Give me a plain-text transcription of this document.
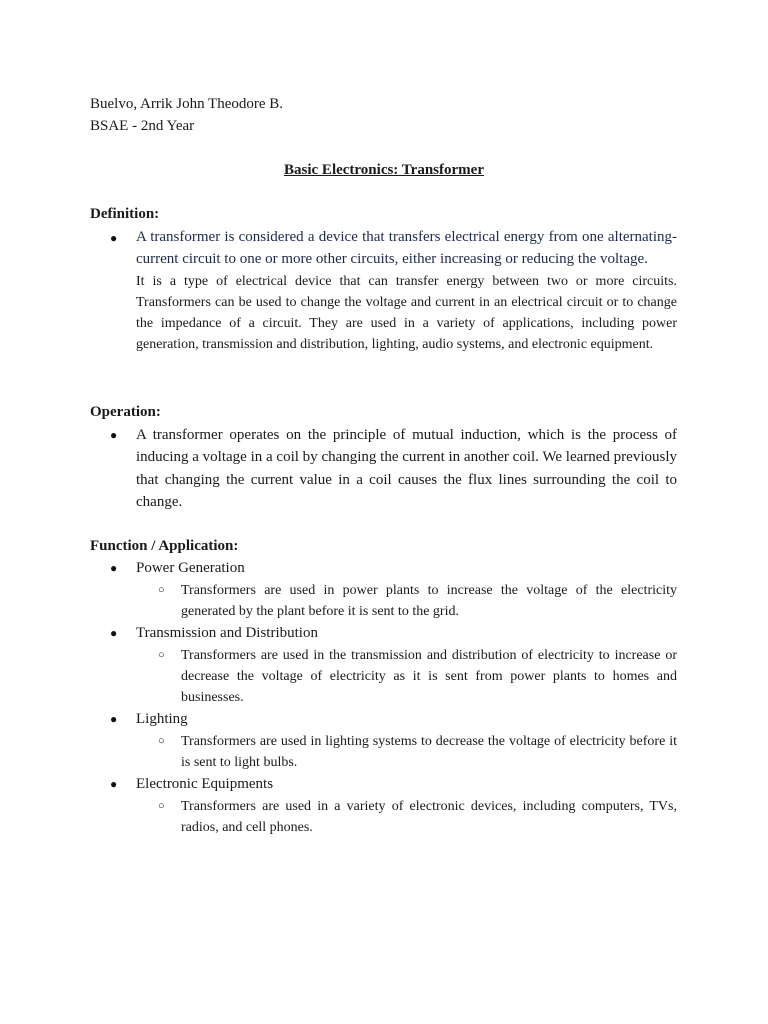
Buelvo, Arrik John Theodore B.
BSAE - 2nd Year
Basic Electronics: Transformer
Definition:
● A transformer is considered a device that transfers electrical energy from one alternating-current circuit to one or more other circuits, either increasing or reducing the voltage.
It is a type of electrical device that can transfer energy between two or more circuits. Transformers can be used to change the voltage and current in an electrical circuit or to change the impedance of a circuit. They are used in a variety of applications, including power generation, transmission and distribution, lighting, audio systems, and electronic equipment.
Operation:
● A transformer operates on the principle of mutual induction, which is the process of inducing a voltage in a coil by changing the current in another coil. We learned previously that changing the current value in a coil causes the flux lines surrounding the coil to change.
Function / Application:
● Power Generation
○ Transformers are used in power plants to increase the voltage of the electricity generated by the plant before it is sent to the grid.
● Transmission and Distribution
○ Transformers are used in the transmission and distribution of electricity to increase or decrease the voltage of electricity as it is sent from power plants to homes and businesses.
● Lighting
○ Transformers are used in lighting systems to decrease the voltage of electricity before it is sent to light bulbs.
● Electronic Equipments
○ Transformers are used in a variety of electronic devices, including computers, TVs, radios, and cell phones.
